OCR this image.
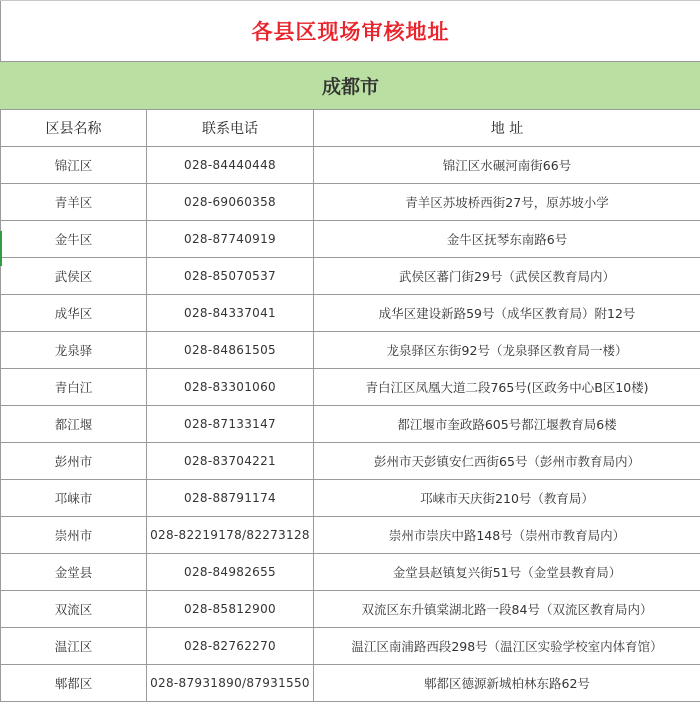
各县区现场审核地址		
成都市		
区县名称	联系电话	地 址
锦江区	028-84440448	锦江区水碾河南街66号
青羊区	028-69060358	青羊区苏坡桥西街27号，原苏坡小学
金牛区	028-87740919	金牛区抚琴东南路6号
武侯区	028-85070537	武侯区蕃门街29号（武侯区教育局内）
成华区	028-84337041	成华区建设新路59号（成华区教育局）附12号
龙泉驿	028-84861505	龙泉驿区东街92号（龙泉驿区教育局一楼）
青白江	028-83301060	青白江区凤凰大道二段765号(区政务中心B区10楼)
都江堰	028-87133147	都江堰市奎政路605号都江堰教育局6楼
彭州市	028-83704221	彭州市天彭镇安仁西街65号（彭州市教育局内）
邛崃市	028-88791174	邛崃市天庆街210号（教育局）
崇州市	028-82219178/82273128	崇州市崇庆中路148号（崇州市教育局内）
金堂县	028-84982655	金堂县赵镇复兴街51号（金堂县教育局）
双流区	028-85812900	双流区东升镇棠湖北路一段84号（双流区教育局内）
温江区	028-82762270	温江区南浦路西段298号（温江区实验学校室内体育馆）
郫都区	028-87931890/87931550	郫都区德源新城柏林东路62号
